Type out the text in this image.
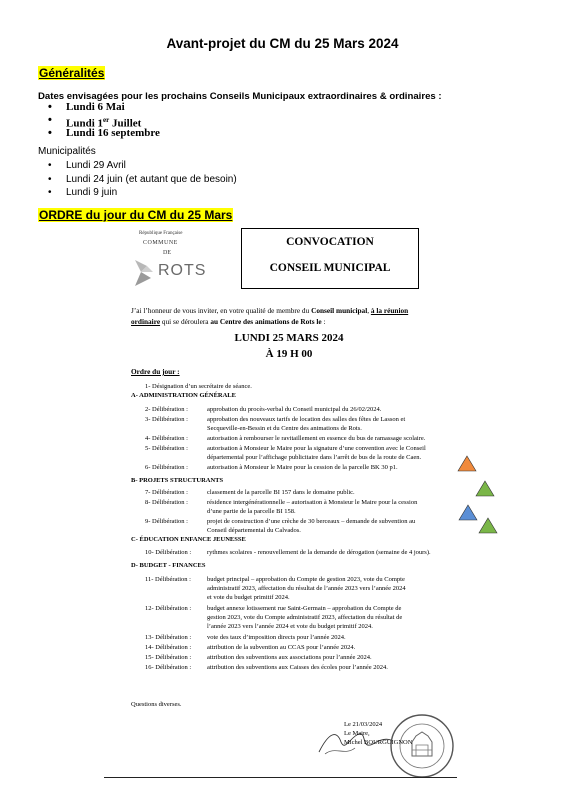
Avant-projet du CM du 25 Mars 2024
Généralités
Dates envisagées pour les prochains Conseils Municipaux extraordinaires & ordinaires :
• Lundi 6 Mai
• Lundi 1er Juillet
• Lundi 16 septembre
Municipalités
• Lundi 29 Avril
• Lundi 24 juin (et autant que de besoin)
• Lundi 9 juin
ORDRE du jour du CM du 25 Mars
République Française
COMMUNE
DE
ROTS
CONVOCATION
CONSEIL MUNICIPAL
J’ai l’honneur de vous inviter, en votre qualité de membre du Conseil municipal, à la réunion ordinaire qui se déroulera au Centre des animations de Rots le :
LUNDI 25 MARS 2024
À 19 H 00
Ordre du jour :
1- Désignation d’un secrétaire de séance.
A- ADMINISTRATION GÉNÉRALE
B- PROJETS STRUCTURANTS
C- ÉDUCATION ENFANCE JEUNESSE
D- BUDGET - FINANCES
2- Délibération :	approbation du procès-verbal du Conseil municipal du 26/02/2024.
3- Délibération :	approbation des nouveaux tarifs de location des salles des fêtes de Lasson et
Secqueville-en-Bessin et du Centre des animations de Rots.
4- Délibération :	autorisation à rembourser le ravitaillement en essence du bus de ramassage scolaire.
5- Délibération :	autorisation à Monsieur le Maire pour la signature d’une convention avec le Conseil
départemental pour l’affichage publicitaire dans l’arrêt de bus de la route de Caen.
6- Délibération :	autorisation à Monsieur le Maire pour la cession de la parcelle BK 30 p1.
7- Délibération :	classement de la parcelle BI 157 dans le domaine public.
8- Délibération :	résidence intergénérationnelle – autorisation à Monsieur le Maire pour la cession
d’une partie de la parcelle BI 158.
9- Délibération :	projet de construction d’une crèche de 30 berceaux – demande de subvention au
Conseil départemental du Calvados.
10- Délibération : rythmes scolaires - renouvellement de la demande de dérogation (semaine de 4 jours).
11- Délibération : budget principal – approbation du Compte de gestion 2023, vote du Compte
administratif 2023, affectation du résultat de l’année 2023 vers l’année 2024
et vote du budget primitif 2024.
12- Délibération : budget annexe lotissement rue Saint-Germain – approbation du Compte de
gestion 2023, vote du Compte administratif 2023, affectation du résultat de
l’année 2023 vers l’année 2024 et vote du budget primitif 2024.
13- Délibération : vote des taux d’imposition directs pour l’année 2024.
14- Délibération : attribution de la subvention au CCAS pour l’année 2024.
15- Délibération : attribution des subventions aux associations pour l’année 2024.
16- Délibération : attribution des subventions aux Caisses des écoles pour l’année 2024.
Questions diverses.
Le 21/03/2024
Le Maire,
Michel BOURGUIGNON
